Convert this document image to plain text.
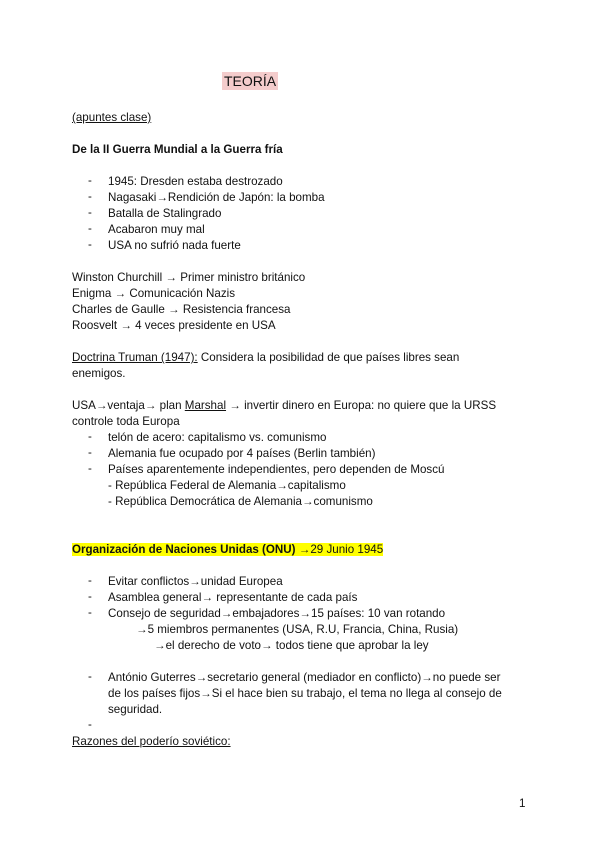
TEORÍA
(apuntes clase)
De la II Guerra Mundial a la Guerra fría
- 1945: Dresden estaba destrozado
- Nagasaki→Rendición de Japón: la bomba
- Batalla de Stalingrado
- Acabaron muy mal
- USA no sufrió nada fuerte
Winston Churchill → Primer ministro británico
Enigma → Comunicación Nazis
Charles de Gaulle → Resistencia francesa
Roosvelt → 4 veces presidente en USA
Doctrina Truman (1947): Considera la posibilidad de que países libres sean
enemigos.
USA→ventaja→ plan Marshal → invertir dinero en Europa: no quiere que la URSS
controle toda Europa
- telón de acero: capitalismo vs. comunismo
- Alemania fue ocupado por 4 países (Berlin también)
- Países aparentemente independientes, pero dependen de Moscú
- República Federal de Alemania→capitalismo
- República Democrática de Alemania→comunismo
Organización de Naciones Unidas (ONU) →29 Junio 1945
- Evitar conflictos→unidad Europea
- Asamblea general→ representante de cada país
- Consejo de seguridad→embajadores→15 países: 10 van rotando
→5 miembros permanentes (USA, R.U, Francia, China, Rusia)
→el derecho de voto→ todos tiene que aprobar la ley
- António Guterres→secretario general (mediador en conflicto)→no puede ser
de los países fijos→Si el hace bien su trabajo, el tema no llega al consejo de
seguridad.
-
Razones del poderío soviético:
1
